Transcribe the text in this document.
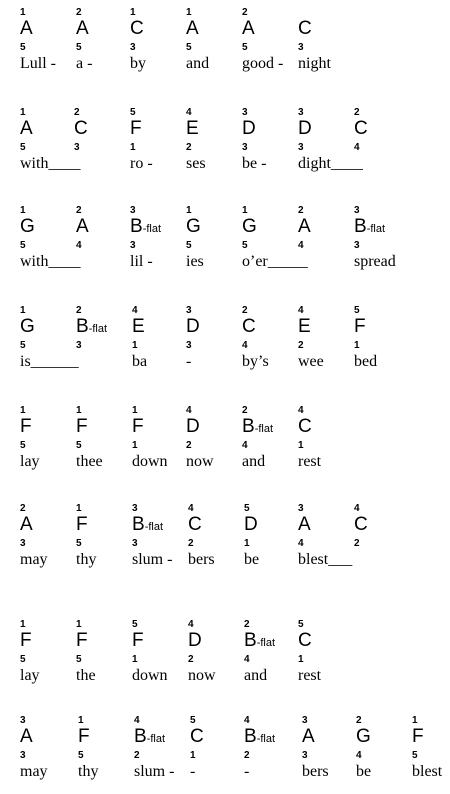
1
A
5
Lull -
2
A
5
a -
1
C
3
by
1
A
5
and
2
A
5
good -
C
3
night
1
A
5
with____
2
C
3
5
F
1
ro -
4
E
2
ses
3
D
3
be -
3
D
3
dight____
2
C
4
1
G
5
with____
2
A
4
3
B-flat
3
lil -
1
G
5
ies
1
G
5
o’er_____
2
A
4
3
B-flat
3
spread
1
G
5
is______
2
B-flat
3
4
E
1
ba
3
D
3
-
2
C
4
by’s
4
E
2
wee
5
F
1
bed
1
F
5
lay
1
F
5
thee
1
F
1
down
4
D
2
now
2
B-flat
4
and
4
C
1
rest
2
A
3
may
1
F
5
thy
3
B-flat
3
slum -
4
C
2
bers
5
D
1
be
3
A
4
blest___
4
C
2
1
F
5
lay
1
F
5
the
5
F
1
down
4
D
2
now
2
B-flat
4
and
5
C
1
rest
3
A
3
may
1
F
5
thy
4
B-flat
2
slum -
5
C
1
-
4
B-flat
2
-
3
A
3
bers
2
G
4
be
1
F
5
blest
